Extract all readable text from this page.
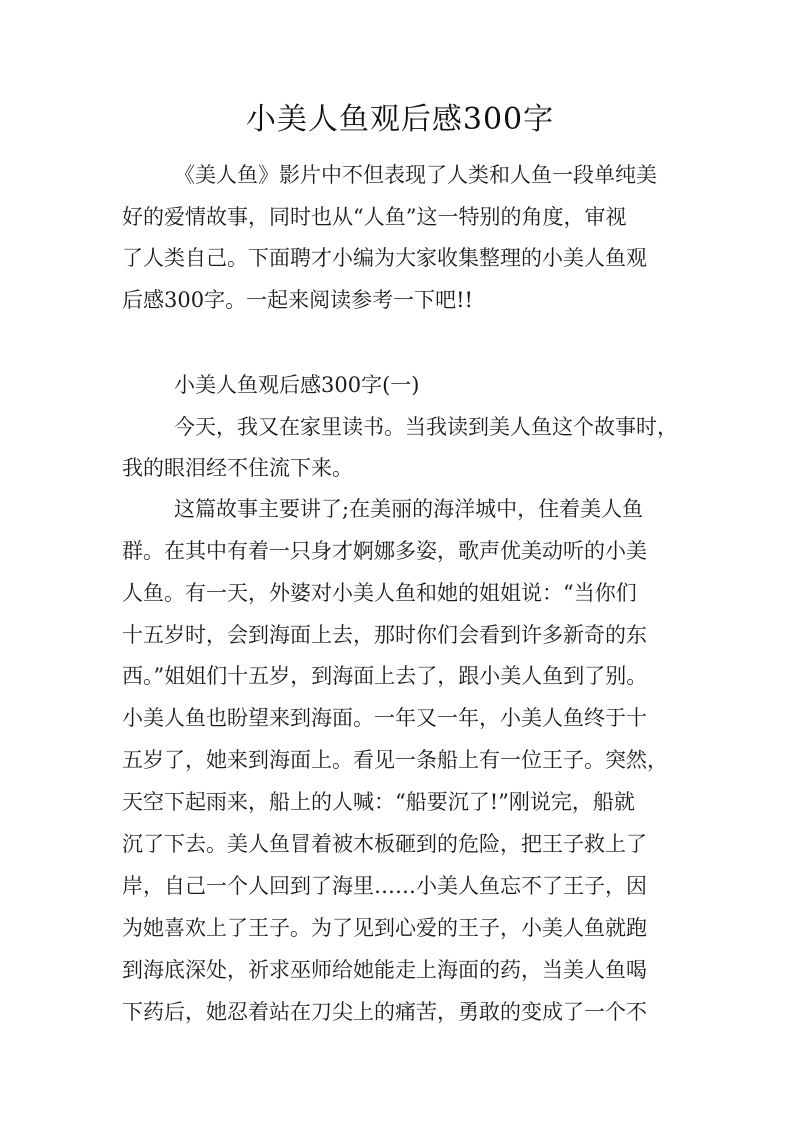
小美人鱼观后感300字
《美人鱼》影片中不但表现了人类和人鱼一段单纯美
好的爱情故事，同时也从“人鱼”这一特别的角度，审视
了人类自己。下面聘才小编为大家收集整理的小美人鱼观
后感300字。一起来阅读参考一下吧!!
小美人鱼观后感300字(一)
今天，我又在家里读书。当我读到美人鱼这个故事时，
我的眼泪经不住流下来。
这篇故事主要讲了;在美丽的海洋城中，住着美人鱼
群。在其中有着一只身才婀娜多姿，歌声优美动听的小美
人鱼。有一天，外婆对小美人鱼和她的姐姐说：“当你们
十五岁时，会到海面上去，那时你们会看到许多新奇的东
西。”姐姐们十五岁，到海面上去了，跟小美人鱼到了别。
小美人鱼也盼望来到海面。一年又一年，小美人鱼终于十
五岁了，她来到海面上。看见一条船上有一位王子。突然，
天空下起雨来，船上的人喊：“船要沉了!”刚说完，船就
沉了下去。美人鱼冒着被木板砸到的危险，把王子救上了
岸，自己一个人回到了海里……小美人鱼忘不了王子，因
为她喜欢上了王子。为了见到心爱的王子，小美人鱼就跑
到海底深处，祈求巫师给她能走上海面的药，当美人鱼喝
下药后，她忍着站在刀尖上的痛苦，勇敢的变成了一个不
